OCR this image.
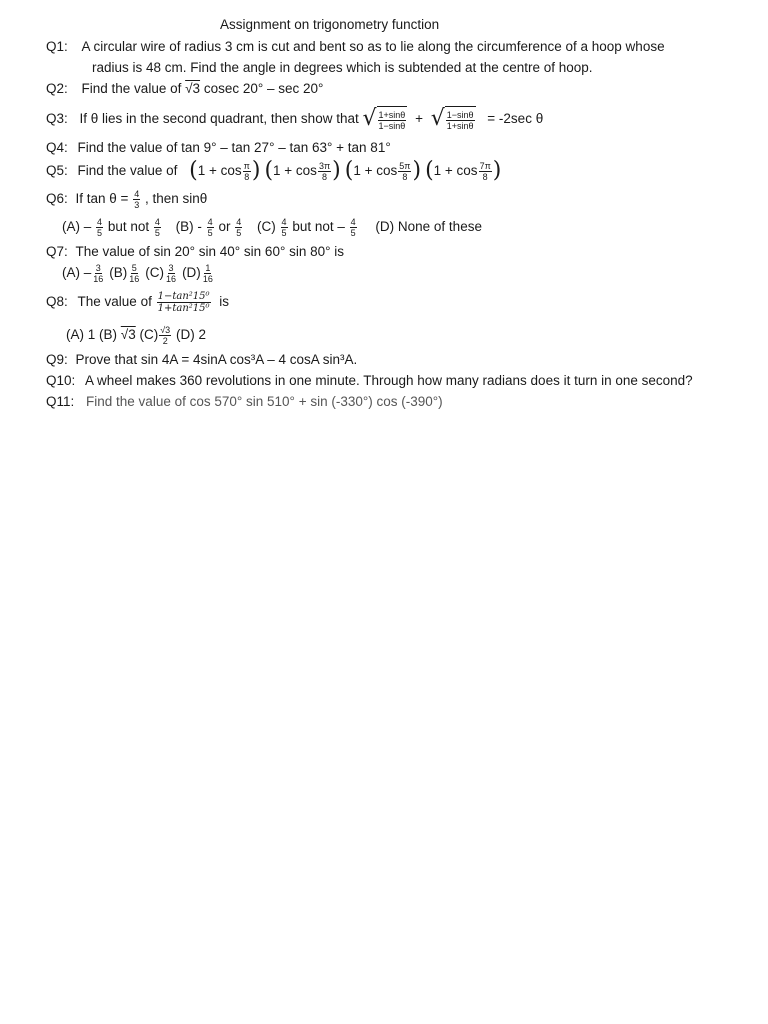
Assignment on trigonometry function
Q1: A circular wire of radius 3 cm is cut and bent so as to lie along the circumference of a hoop whose
radius is 48 cm. Find the angle in degrees which is subtended at the centre of hoop.
Q2: Find the value of √3 cosec 20° – sec 20°
Q3: If θ lies in the second quadrant, then show that √ $\frac{1+\sin\theta}{1-\sin\theta}$ + √ $\frac{1-\sin\theta}{1+\sin\theta} = -2\sec$ θ
Q4: Find the value of tan 9° – tan 27° – tan 63° + tan 81°
Q5: Find the value of ($1 + \cos \frac{\pi}{8}$ ) ($1 + \cos \frac{3\pi}{8}$ ) ($1 + \cos \frac{5\pi}{8}$ ) ($1 + \cos \frac{7\pi}{8}$ )
Q6: If $\tan \theta = \frac{4}{3}$ , then sinθ
$(A) - \frac{4}{5}$ but not $\frac{4}{5} (B) - \frac{4}{5}$ or $\frac{4}{5} (C) \frac{4}{5}$ but not – $\frac{4}{5} (D)$ None of these
Q7: The value of sin 20° sin 40° sin 60° sin 80° is
$(A) - \frac{3}{16} (B) \frac{5}{16} (C) \frac{3}{16} (D) \frac{1}{16}$
Q8: The value of $\frac{\text{1−tan²15⁰}}{\text{1+tan²15⁰}}$ is
(A) 1 (B) √3 $(C) \frac{√3}{2} (D)$ 2
Q9: Prove that sin 4A = 4sinA cos³A – 4 cosA sin³A.
Q10: A wheel makes 360 revolutions in one minute. Through how many radians does it turn in one second?
Q11: Find the value of cos 570° sin 510° + sin (-330°) cos (-390°)
